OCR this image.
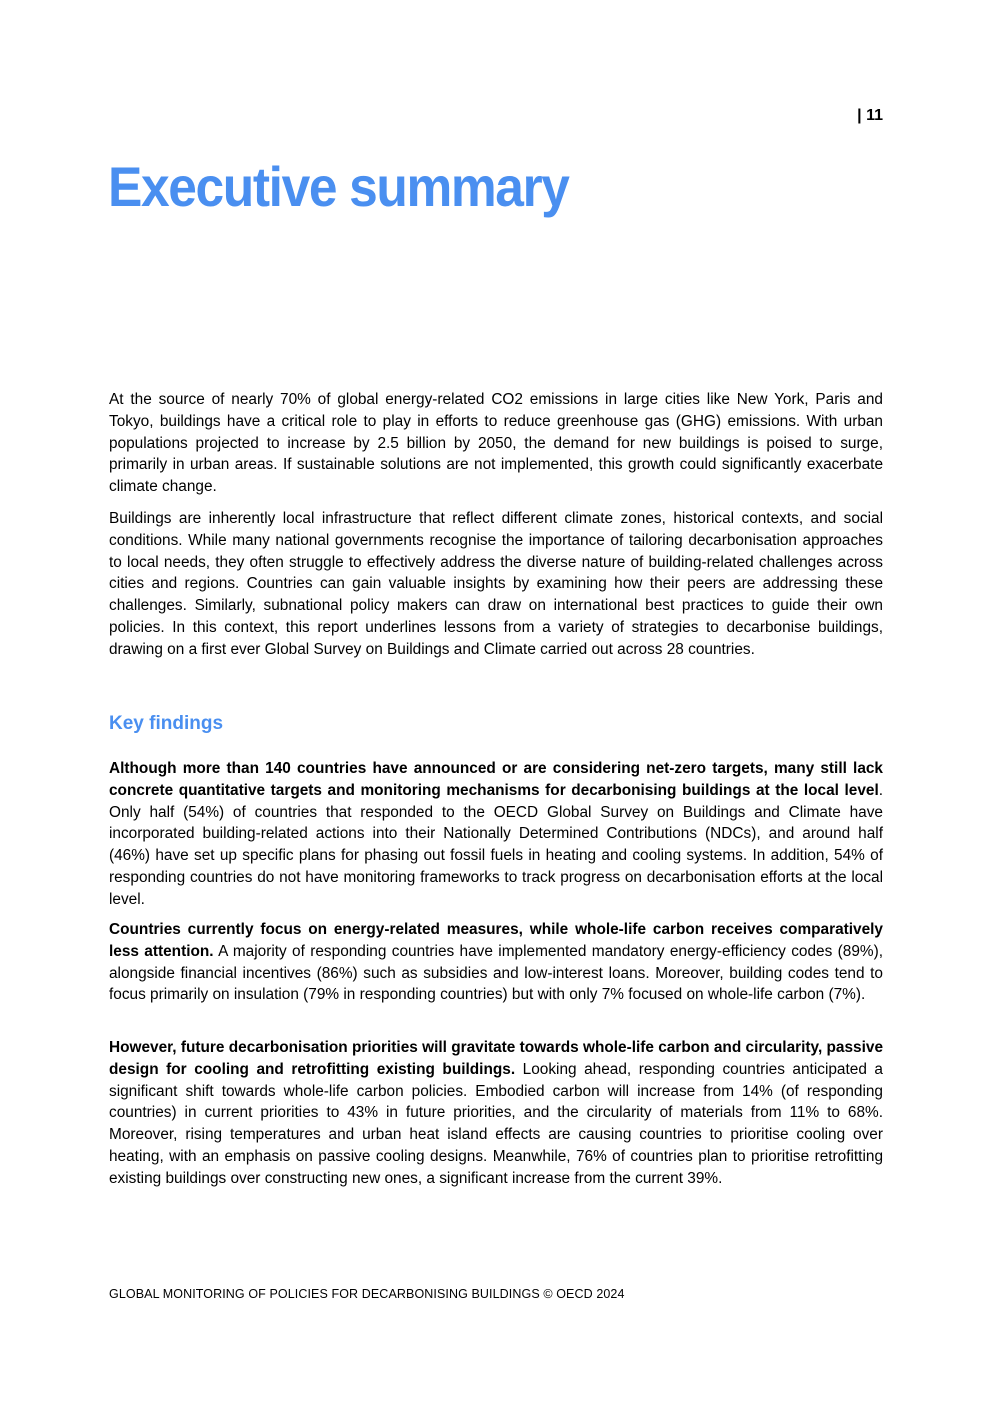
| 11
Executive summary

At the source of nearly 70% of global energy-related CO2 emissions in large cities like New York, Paris and Tokyo, buildings have a critical role to play in efforts to reduce greenhouse gas (GHG) emissions. With urban populations projected to increase by 2.5 billion by 2050, the demand for new buildings is poised to surge, primarily in urban areas. If sustainable solutions are not implemented, this growth could significantly exacerbate climate change.

Buildings are inherently local infrastructure that reflect different climate zones, historical contexts, and social conditions. While many national governments recognise the importance of tailoring decarbonisation approaches to local needs, they often struggle to effectively address the diverse nature of building-related challenges across cities and regions. Countries can gain valuable insights by examining how their peers are addressing these challenges. Similarly, subnational policy makers can draw on international best practices to guide their own policies. In this context, this report underlines lessons from a variety of strategies to decarbonise buildings, drawing on a first ever Global Survey on Buildings and Climate carried out across 28 countries.

Key findings

Although more than 140 countries have announced or are considering net-zero targets, many still lack concrete quantitative targets and monitoring mechanisms for decarbonising buildings at the local level. Only half (54%) of countries that responded to the OECD Global Survey on Buildings and Climate have incorporated building-related actions into their Nationally Determined Contributions (NDCs), and around half (46%) have set up specific plans for phasing out fossil fuels in heating and cooling systems. In addition, 54% of responding countries do not have monitoring frameworks to track progress on decarbonisation efforts at the local level.

Countries currently focus on energy-related measures, while whole-life carbon receives comparatively less attention. A majority of responding countries have implemented mandatory energy-efficiency codes (89%), alongside financial incentives (86%) such as subsidies and low-interest loans. Moreover, building codes tend to focus primarily on insulation (79% in responding countries) but with only 7% focused on whole-life carbon (7%).

However, future decarbonisation priorities will gravitate towards whole-life carbon and circularity, passive design for cooling and retrofitting existing buildings. Looking ahead, responding countries anticipated a significant shift towards whole-life carbon policies. Embodied carbon will increase from 14% (of responding countries) in current priorities to 43% in future priorities, and the circularity of materials from 11% to 68%. Moreover, rising temperatures and urban heat island effects are causing countries to prioritise cooling over heating, with an emphasis on passive cooling designs. Meanwhile, 76% of countries plan to prioritise retrofitting existing buildings over constructing new ones, a significant increase from the current 39%.

GLOBAL MONITORING OF POLICIES FOR DECARBONISING BUILDINGS © OECD 2024
